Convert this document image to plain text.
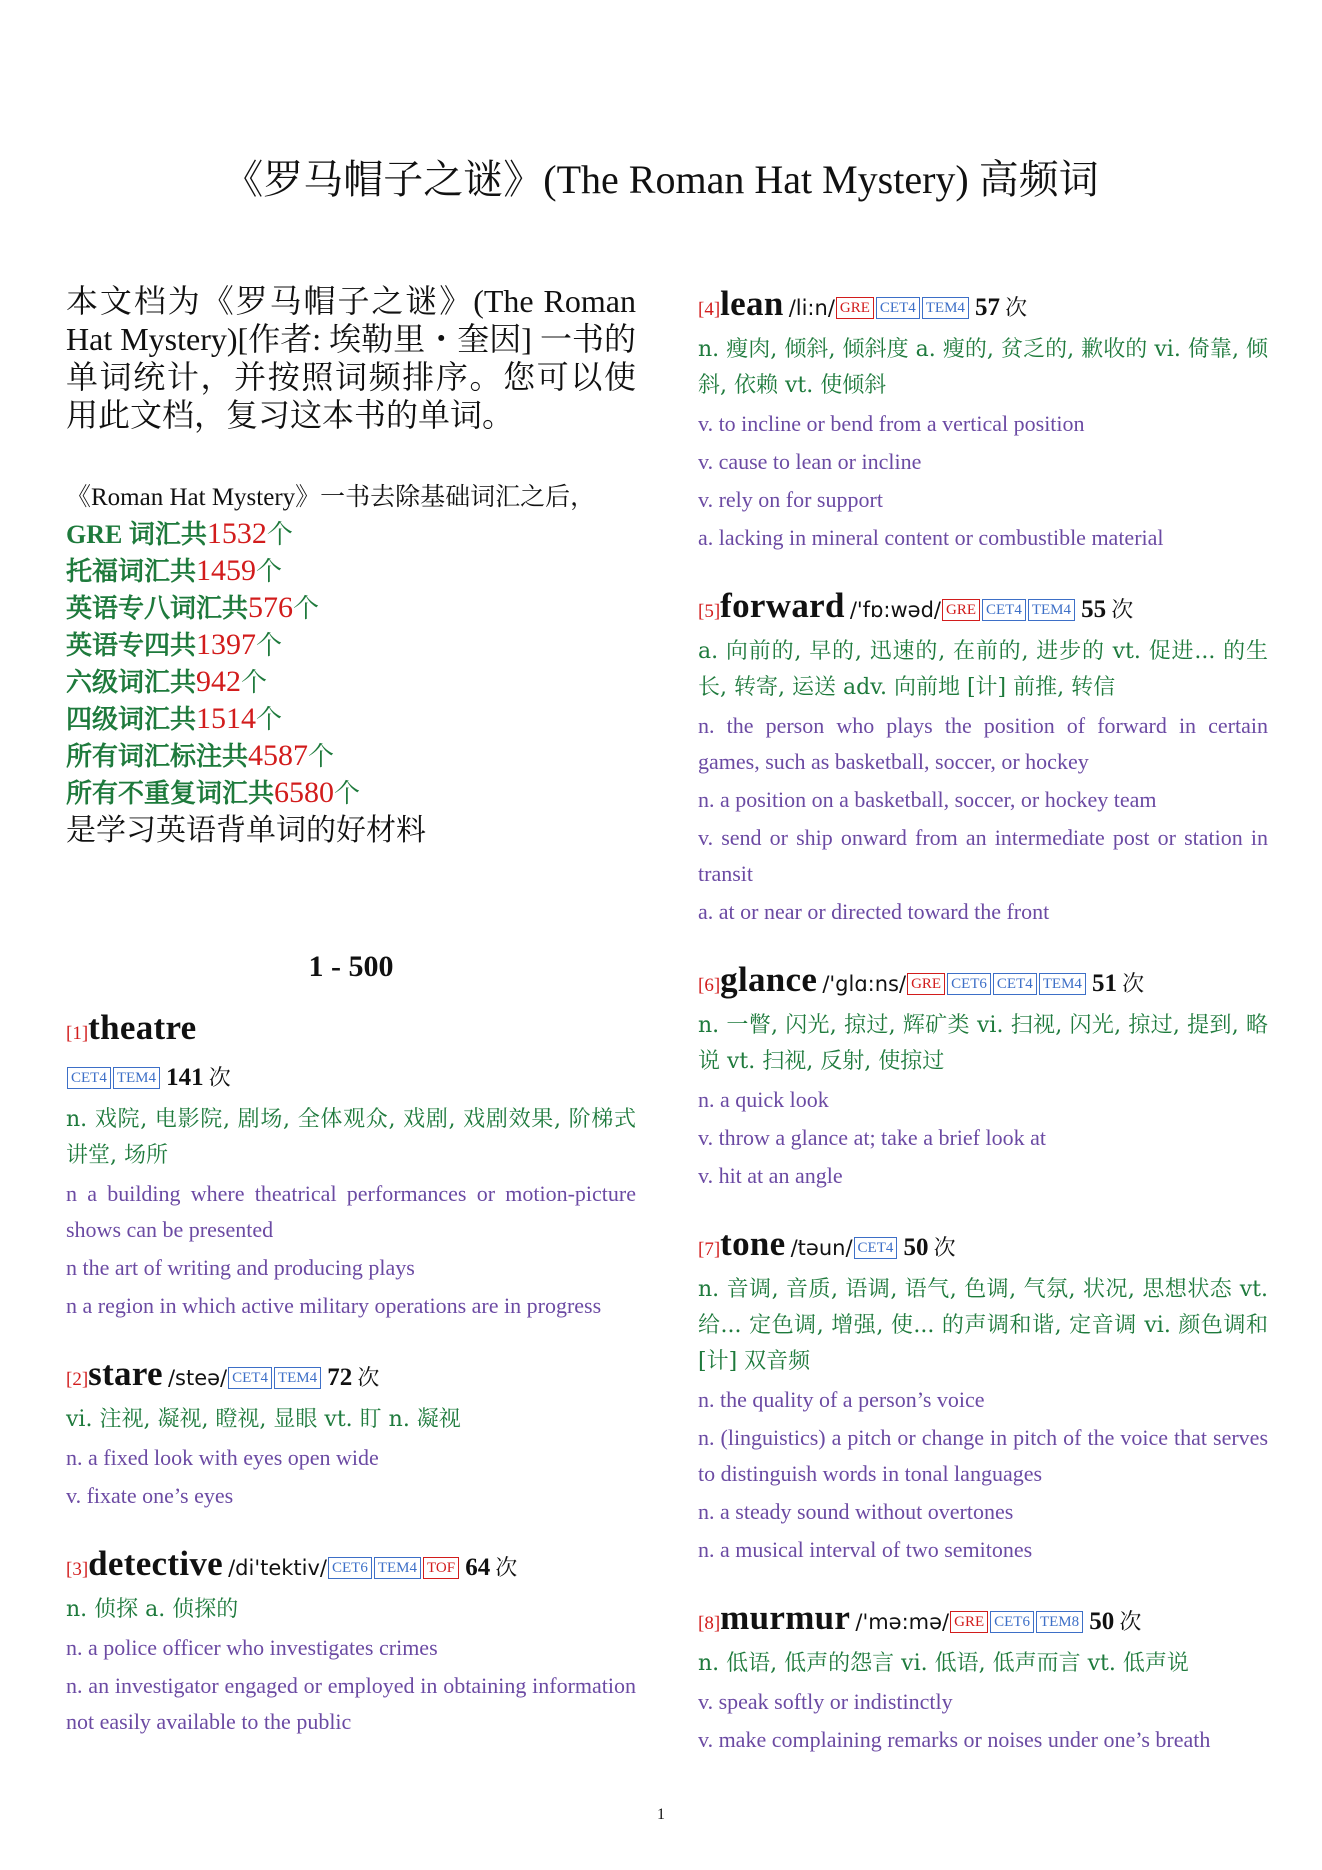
《罗马帽子之谜》(The Roman Hat Mystery) 高频词
本文档为《罗马帽子之谜》(The Roman Hat Mystery)[作者: 埃勒里・奎因] 一书的单词统计，并按照词频排序。您可以使用此文档，复习这本书的单词。
《Roman Hat Mystery》一书去除基础词汇之后，
GRE 词汇共1532个
托福词汇共1459个
英语专八词汇共576个
英语专四共1397个
六级词汇共942个
四级词汇共1514个
所有词汇标注共4587个
所有不重复词汇共6580个
是学习英语背单词的好材料
1 - 500
[1]theatre
CET4 TEM4 141 次
n. 戏院, 电影院, 剧场, 全体观众, 戏剧, 戏剧效果, 阶梯式讲堂, 场所
n a building where theatrical performances or motion-picture shows can be presented
n the art of writing and producing plays
n a region in which active military operations are in progress
[2]stare /steə/ CET4 TEM4 72 次
vi. 注视, 凝视, 瞪视, 显眼 vt. 盯 n. 凝视
n. a fixed look with eyes open wide
v. fixate one’s eyes
[3]detective /di'tektiv/ CET6 TEM4 TOF 64 次
n. 侦探 a. 侦探的
n. a police officer who investigates crimes
n. an investigator engaged or employed in obtaining information not easily available to the public
[4]lean /li:n/ GRE CET4 TEM4 57 次
n. 瘦肉, 倾斜, 倾斜度 a. 瘦的, 贫乏的, 歉收的 vi. 倚靠, 倾斜, 依赖 vt. 使倾斜
v. to incline or bend from a vertical position
v. cause to lean or incline
v. rely on for support
a. lacking in mineral content or combustible material
[5]forward /'fɒ:wəd/ GRE CET4 TEM4 55 次
a. 向前的, 早的, 迅速的, 在前的, 进步的 vt. 促进... 的生长, 转寄, 运送 adv. 向前地 [计] 前推, 转信
n. the person who plays the position of forward in certain games, such as basketball, soccer, or hockey
n. a position on a basketball, soccer, or hockey team
v. send or ship onward from an intermediate post or station in transit
a. at or near or directed toward the front
[6]glance /'glɑ:ns/ GRE CET6 CET4 TEM4 51 次
n. 一瞥, 闪光, 掠过, 辉矿类 vi. 扫视, 闪光, 掠过, 提到, 略说 vt. 扫视, 反射, 使掠过
n. a quick look
v. throw a glance at; take a brief look at
v. hit at an angle
[7]tone /təun/ CET4 50 次
n. 音调, 音质, 语调, 语气, 色调, 气氛, 状况, 思想状态 vt. 给... 定色调, 增强, 使... 的声调和谐, 定音调 vi. 颜色调和 [计] 双音频
n. the quality of a person’s voice
n. (linguistics) a pitch or change in pitch of the voice that serves to distinguish words in tonal languages
n. a steady sound without overtones
n. a musical interval of two semitones
[8]murmur /'mə:mə/ GRE CET6 TEM8 50 次
n. 低语, 低声的怨言 vi. 低语, 低声而言 vt. 低声说
v. speak softly or indistinctly
v. make complaining remarks or noises under one’s breath
1
